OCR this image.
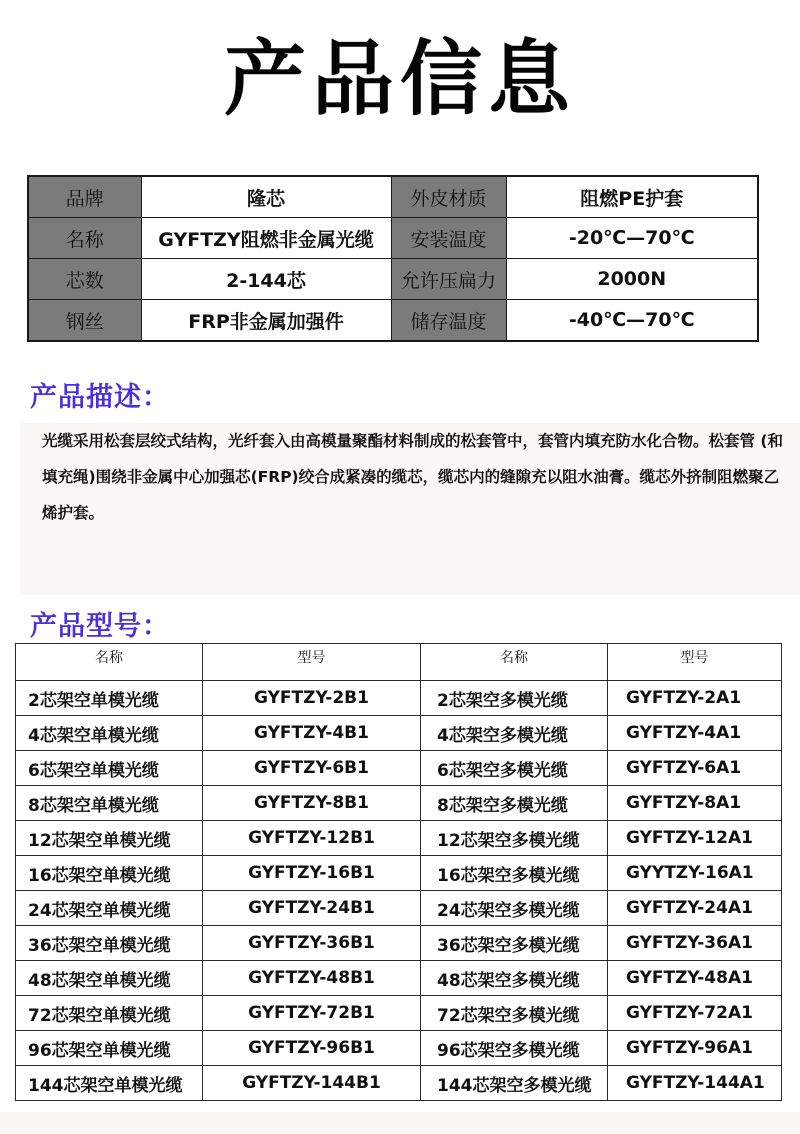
产品信息
品牌	隆芯	外皮材质	阻燃PE护套
名称	GYFTZY阻燃非金属光缆	安装温度	-20℃—70℃
芯数	2-144芯	允许压扁力	2000N
钢丝	FRP非金属加强件	储存温度	-40℃—70℃
产品描述：
光缆采用松套层绞式结构，光纤套入由高模量聚酯材料制成的松套管中，套管内填充防水化合物。松套管 (和填充绳)围绕非金属中心加强芯(FRP)绞合成紧凑的缆芯，缆芯内的缝隙充以阻水油膏。缆芯外挤制阻燃聚乙烯护套。
产品型号：
名称	型号	名称	型号
2芯架空单模光缆	GYFTZY-2B1	2芯架空多模光缆	GYFTZY-2A1
4芯架空单模光缆	GYFTZY-4B1	4芯架空多模光缆	GYFTZY-4A1
6芯架空单模光缆	GYFTZY-6B1	6芯架空多模光缆	GYFTZY-6A1
8芯架空单模光缆	GYFTZY-8B1	8芯架空多模光缆	GYFTZY-8A1
12芯架空单模光缆	GYFTZY-12B1	12芯架空多模光缆	GYFTZY-12A1
16芯架空单模光缆	GYFTZY-16B1	16芯架空多模光缆	GYYTZY-16A1
24芯架空单模光缆	GYFTZY-24B1	24芯架空多模光缆	GYFTZY-24A1
36芯架空单模光缆	GYFTZY-36B1	36芯架空多模光缆	GYFTZY-36A1
48芯架空单模光缆	GYFTZY-48B1	48芯架空多模光缆	GYFTZY-48A1
72芯架空单模光缆	GYFTZY-72B1	72芯架空多模光缆	GYFTZY-72A1
96芯架空单模光缆	GYFTZY-96B1	96芯架空多模光缆	GYFTZY-96A1
144芯架空单模光缆	GYFTZY-144B1	144芯架空多模光缆	GYFTZY-144A1
